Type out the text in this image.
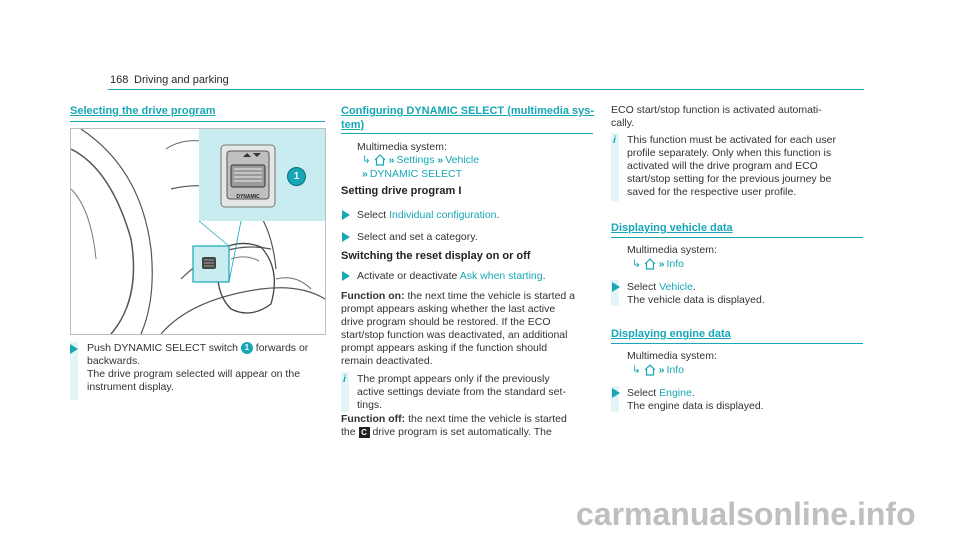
168 Driving and parking
Selecting the drive program
DYNAMIC
1
Push DYNAMIC SELECT switch 1 forwards or
backwards.
The drive program selected will appear on the
instrument display.
Configuring DYNAMIC SELECT (multimedia sys-
tem)
Multimedia system:
↳ » Settings » Vehicle
» DYNAMIC SELECT
Setting drive program I
Select Individual configuration.
Select and set a category.
Switching the reset display on or off
Activate or deactivate Ask when starting.
Function on: the next time the vehicle is started a
prompt appears asking whether the last active
drive program should be restored. If the ECO
start/stop function was deactivated, an additional
prompt appears asking if the function should
remain deactivated.
i The prompt appears only if the previously
active settings deviate from the standard set-
tings.
Function off: the next time the vehicle is started
the C drive program is set automatically. The
ECO start/stop function is activated automati-
cally.
i This function must be activated for each user
profile separately. Only when this function is
activated will the drive program and ECO
start/stop setting for the previous journey be
saved for the respective user profile.
Displaying vehicle data
Multimedia system:
↳ » Info
Select Vehicle.
The vehicle data is displayed.
Displaying engine data
Multimedia system:
↳ » Info
Select Engine.
The engine data is displayed.
carmanualsonline.info
